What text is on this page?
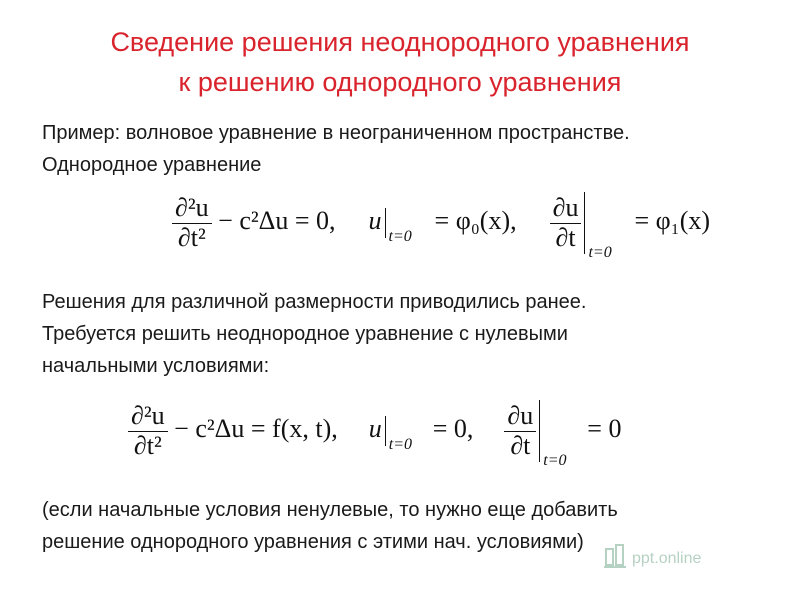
Сведение решения неоднородного уравнения
к решению однородного уравнения
Пример: волновое уравнение в неограниченном пространстве.
Однородное уравнение
$\frac{\text{∂²u}}{\text{∂t²}} - c^2\Delta u = 0$, u
t=0
= φ₀(x), $\frac{\partial u}{\partial t}$
t=0
= φ₁(x)
Решения для различной размерности приводились ранее.
Требуется решить неоднородное уравнение с нулевыми
начальными условиями:
$\frac{\text{∂²u}}{\text{∂t²}} - c^2\Delta u = f(x$, t), u
t=0
= 0, $\frac{\partial u}{\partial t}$
t=0
= 0
(если начальные условия ненулевые, то нужно еще добавить
решение однородного уравнения с этими нач. условиями)
ppt.online
